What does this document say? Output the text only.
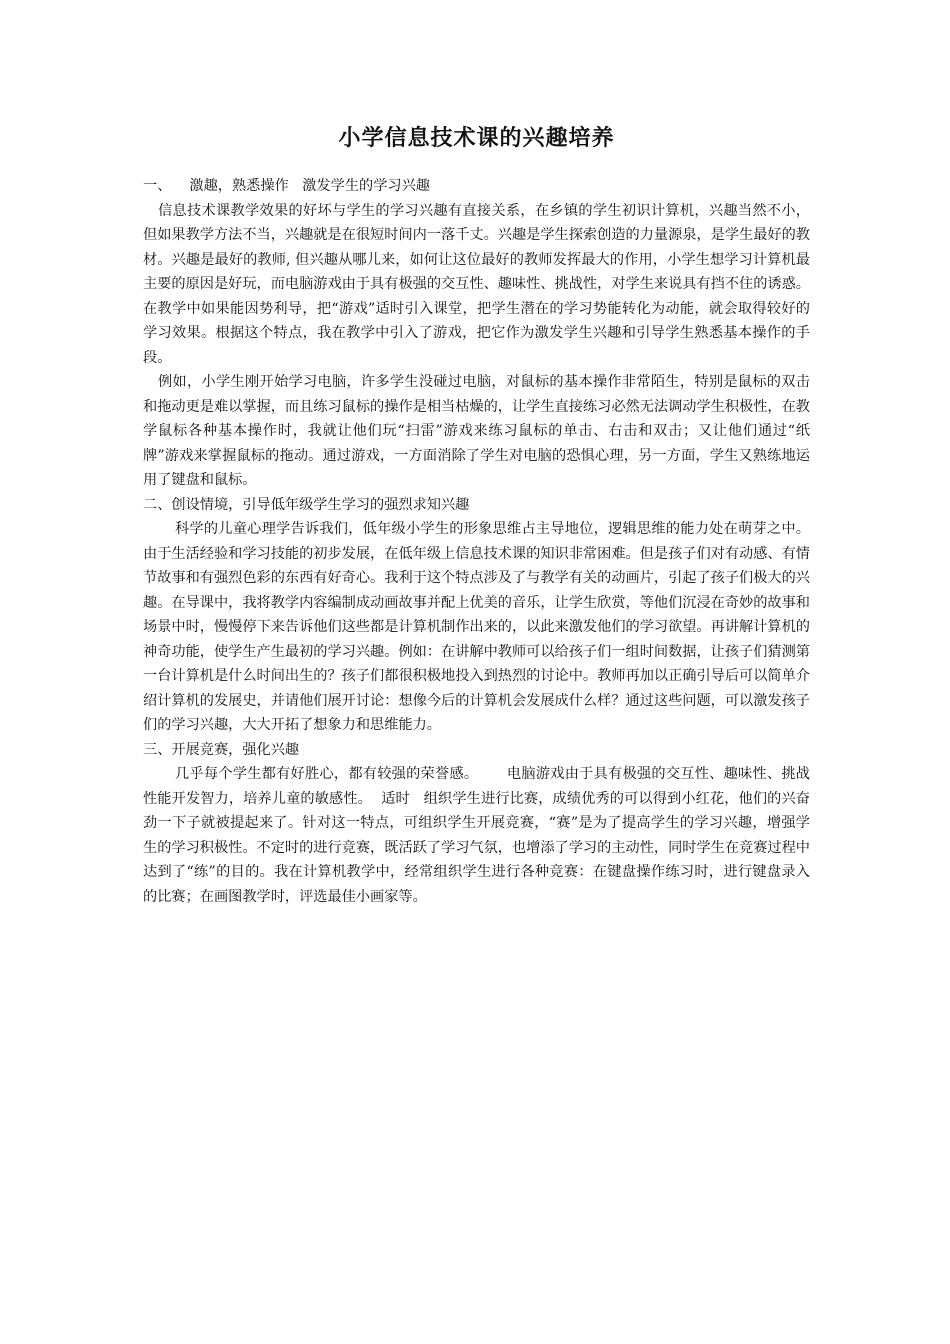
小学信息技术课的兴趣培养

一、    激趣，熟悉操作   激发学生的学习兴趣

信息技术课教学效果的好坏与学生的学习兴趣有直接关系，在乡镇的学生初识计算机，兴趣当然不小，但如果教学方法不当，兴趣就是在很短时间内一落千丈。兴趣是学生探索创造的力量源泉，是学生最好的教材。兴趣是最好的教师, 但兴趣从哪儿来，如何让这位最好的教师发挥最大的作用，小学生想学习计算机最主要的原因是好玩，而电脑游戏由于具有极强的交互性、趣味性、挑战性，对学生来说具有挡不住的诱惑。在教学中如果能因势利导，把“游戏”适时引入课堂，把学生潜在的学习势能转化为动能，就会取得较好的学习效果。根据这个特点，我在教学中引入了游戏，把它作为激发学生兴趣和引导学生熟悉基本操作的手段。

例如，小学生刚开始学习电脑，许多学生没碰过电脑，对鼠标的基本操作非常陌生，特别是鼠标的双击和拖动更是难以掌握，而且练习鼠标的操作是相当枯燥的，让学生直接练习必然无法调动学生积极性，在教学鼠标各种基本操作时，我就让他们玩“扫雷”游戏来练习鼠标的单击、右击和双击；又让他们通过“纸牌”游戏来掌握鼠标的拖动。通过游戏，一方面消除了学生对电脑的恐惧心理，另一方面，学生又熟练地运用了键盘和鼠标。

二、创设情境，引导低年级学生学习的强烈求知兴趣

科学的儿童心理学告诉我们，低年级小学生的形象思维占主导地位，逻辑思维的能力处在萌芽之中。由于生活经验和学习技能的初步发展，在低年级上信息技术课的知识非常困难。但是孩子们对有动感、有情节故事和有强烈色彩的东西有好奇心。我利于这个特点涉及了与教学有关的动画片，引起了孩子们极大的兴趣。在导课中，我将教学内容编制成动画故事并配上优美的音乐，让学生欣赏，等他们沉浸在奇妙的故事和场景中时，慢慢停下来告诉他们这些都是计算机制作出来的，以此来激发他们的学习欲望。再讲解计算机的神奇功能，使学生产生最初的学习兴趣。例如：在讲解中教师可以给孩子们一组时间数据，让孩子们猜测第一台计算机是什么时间出生的？孩子们都很积极地投入到热烈的讨论中。教师再加以正确引导后可以简单介绍计算机的发展史，并请他们展开讨论：想像今后的计算机会发展成什么样？通过这些问题，可以激发孩子们的学习兴趣，大大开拓了想象力和思维能力。

三、开展竞赛，强化兴趣

几乎每个学生都有好胜心，都有较强的荣誉感。      电脑游戏由于具有极强的交互性、趣味性、挑战性能开发智力，培养儿童的敏感性。  适时   组织学生进行比赛，成绩优秀的可以得到小红花，他们的兴奋劲一下子就被提起来了。针对这一特点，可组织学生开展竞赛，“赛”是为了提高学生的学习兴趣，增强学生的学习积极性。不定时的进行竞赛，既活跃了学习气氛，也增添了学习的主动性，同时学生在竞赛过程中达到了“练”的目的。我在计算机教学中，经常组织学生进行各种竞赛：在键盘操作练习时，进行键盘录入的比赛；在画图教学时，评选最佳小画家等。
